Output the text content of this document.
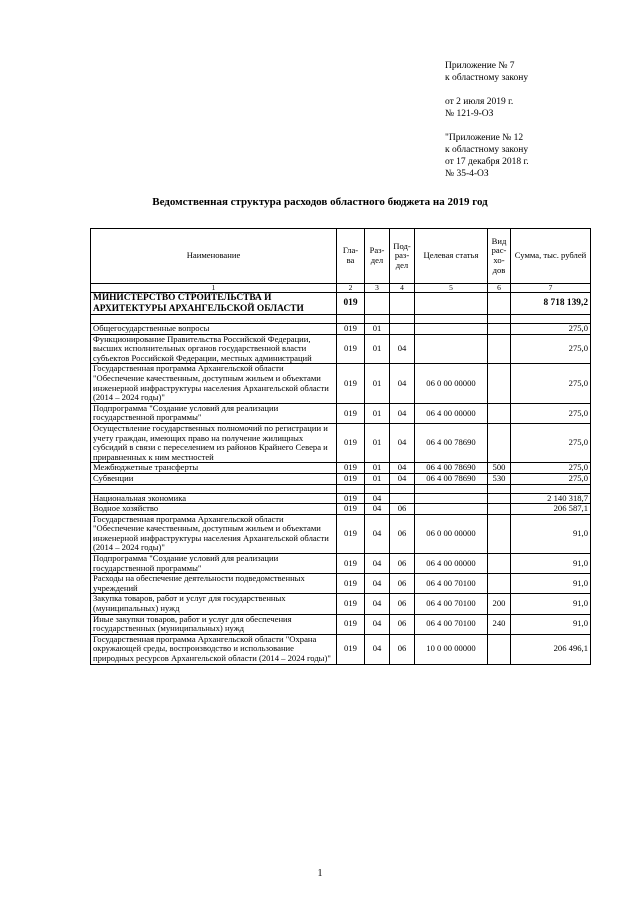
Приложение № 7
к областному закону
от 2 июля 2019 г.
№ 121-9-ОЗ
"Приложение № 12
к областному закону
от 17 декабря 2018 г.
№ 35-4-ОЗ
Ведомственная структура расходов областного бюджета на 2019 год
Наименование	Гла-ва	Раз-дел	Под-раз-дел	Целевая статья	Вид рас-хо-дов	Сумма, тыс. рублей
1	2	3	4	5	6	7
МИНИСТЕРСТВО СТРОИТЕЛЬСТВА И АРХИТЕКТУРЫ АРХАНГЕЛЬСКОЙ ОБЛАСТИ	019					8 718 139,2

Общегосударственные вопросы	019	01				275,0
Функционирование Правительства Российской Федерации, высших исполнительных органов государственной власти субъектов Российской Федерации, местных администраций	019	01	04			275,0
Государственная программа Архангельской области "Обеспечение качественным, доступным жильем и объектами инженерной инфраструктуры населения Архангельской области (2014 – 2024 годы)"	019	01	04	06 0 00 00000		275,0
Подпрограмма "Создание условий для реализации государственной программы"	019	01	04	06 4 00 00000		275,0
Осуществление государственных полномочий по регистрации и учету граждан, имеющих право на получение жилищных субсидий в связи с переселением из районов Крайнего Севера и приравненных к ним местностей	019	01	04	06 4 00 78690		275,0
Межбюджетные трансферты	019	01	04	06 4 00 78690	500	275,0
Субвенции	019	01	04	06 4 00 78690	530	275,0

Национальная экономика	019	04				2 140 318,7
Водное хозяйство	019	04	06			206 587,1
Государственная программа Архангельской области "Обеспечение качественным, доступным жильем и объектами инженерной инфраструктуры населения Архангельской области (2014 – 2024 годы)"	019	04	06	06 0 00 00000		91,0
Подпрограмма "Создание условий для реализации государственной программы"	019	04	06	06 4 00 00000		91,0
Расходы на обеспечение деятельности подведомственных учреждений	019	04	06	06 4 00 70100		91,0
Закупка товаров, работ и услуг для государственных (муниципальных) нужд	019	04	06	06 4 00 70100	200	91,0
Иные закупки товаров, работ и услуг для обеспечения государственных (муниципальных) нужд	019	04	06	06 4 00 70100	240	91,0
Государственная программа Архангельской области "Охрана окружающей среды, воспроизводство и использование природных ресурсов Архангельской области (2014 – 2024 годы)"	019	04	06	10 0 00 00000		206 496,1
1
